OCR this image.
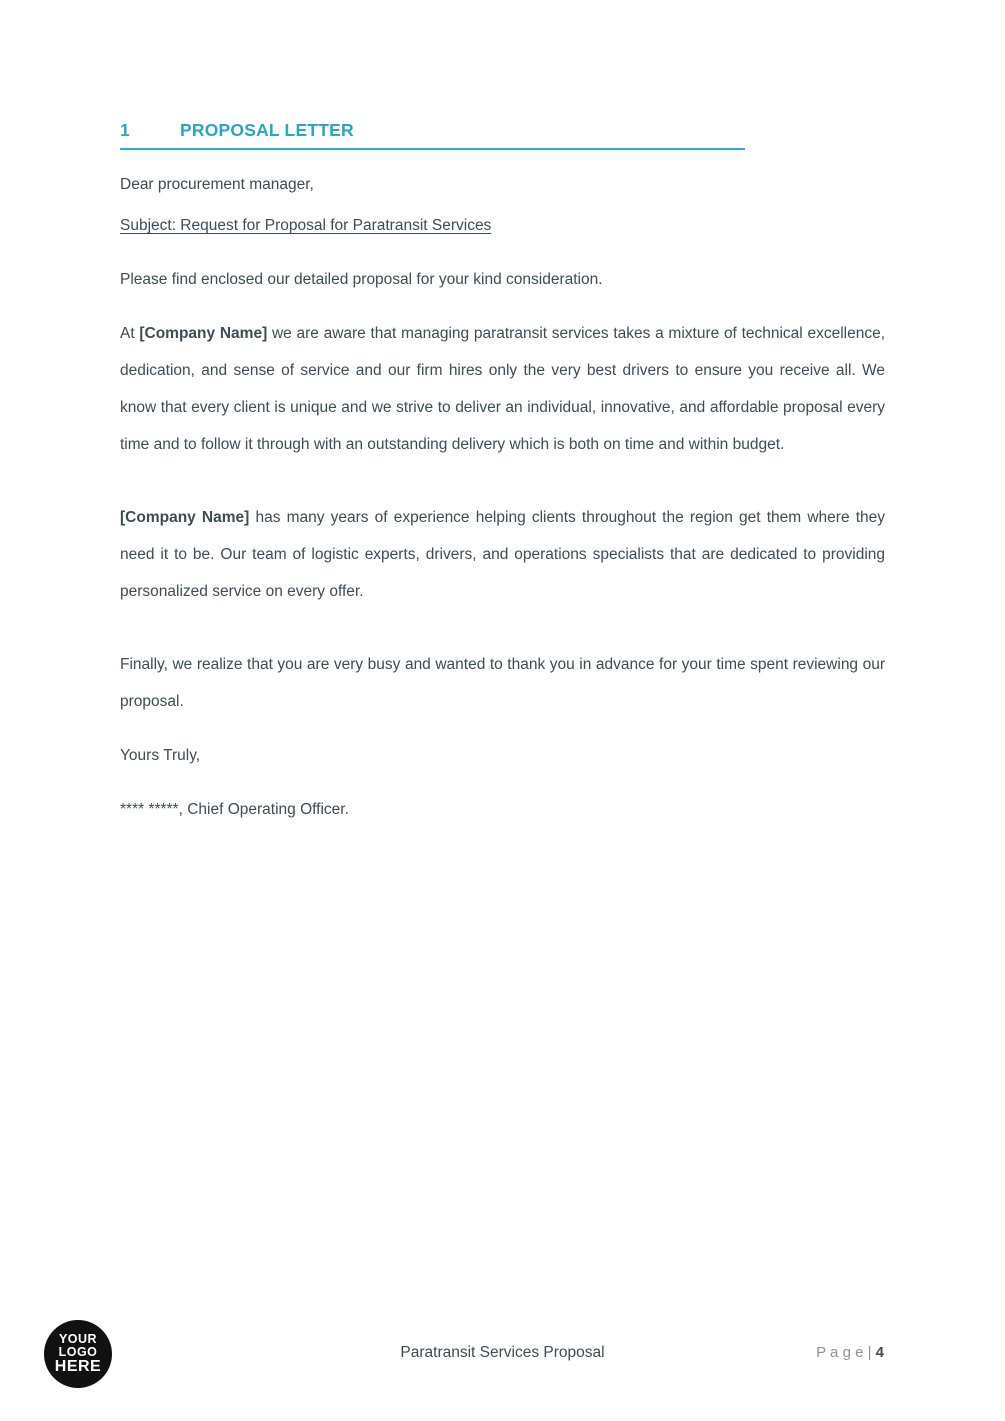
1	PROPOSAL LETTER

Dear procurement manager,

Subject: Request for Proposal for Paratransit Services

Please find enclosed our detailed proposal for your kind consideration.

At [Company Name] we are aware that managing paratransit services takes a mixture of technical excellence, dedication, and sense of service and our firm hires only the very best drivers to ensure you receive all. We know that every client is unique and we strive to deliver an individual, innovative, and affordable proposal every time and to follow it through with an outstanding delivery which is both on time and within budget.

[Company Name] has many years of experience helping clients throughout the region get them where they need it to be. Our team of logistic experts, drivers, and operations specialists that are dedicated to providing personalized service on every offer.

Finally, we realize that you are very busy and wanted to thank you in advance for your time spent reviewing our proposal.

Yours Truly,

**** *****, Chief Operating Officer.

YOUR
LOGO
HERE
Paratransit Services Proposal	P a g e | 4
